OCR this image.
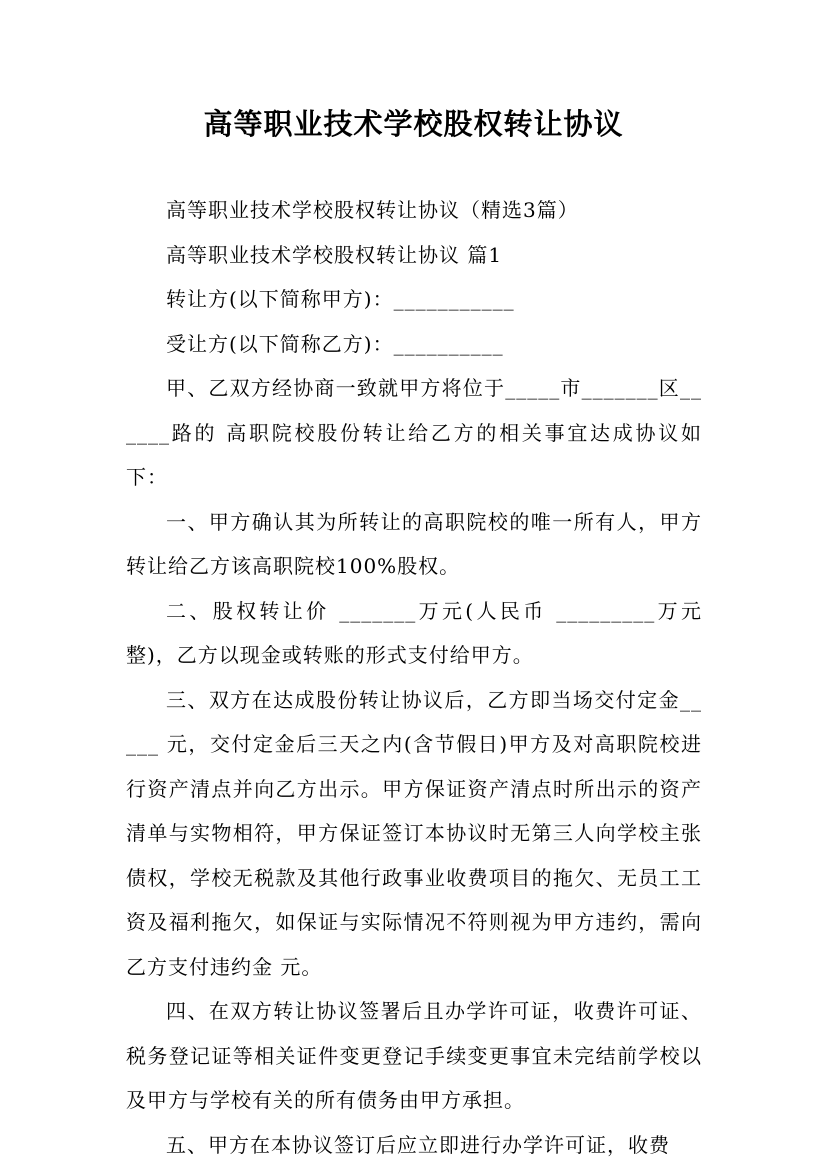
高等职业技术学校股权转让协议

高等职业技术学校股权转让协议（精选3篇）

高等职业技术学校股权转让协议 篇1

转让方(以下简称甲方)：___________

受让方(以下简称乙方)：__________

甲、乙双方经协商一致就甲方将位于_____市_______区______路的 高职院校股份转让给乙方的相关事宜达成协议如下：

一、甲方确认其为所转让的高职院校的唯一所有人，甲方转让给乙方该高职院校100%股权。

二、股权转让价 _______万元(人民币 _________万元整)，乙方以现金或转账的形式支付给甲方。

三、双方在达成股份转让协议后，乙方即当场交付定金_____ 元，交付定金后三天之内(含节假日)甲方及对高职院校进行资产清点并向乙方出示。甲方保证资产清点时所出示的资产清单与实物相符，甲方保证签订本协议时无第三人向学校主张债权，学校无税款及其他行政事业收费项目的拖欠、无员工工资及福利拖欠，如保证与实际情况不符则视为甲方违约，需向乙方支付违约金 元。

四、在双方转让协议签署后且办学许可证，收费许可证、税务登记证等相关证件变更登记手续变更事宜未完结前学校以及甲方与学校有关的所有债务由甲方承担。

五、甲方在本协议签订后应立即进行办学许可证，收费
